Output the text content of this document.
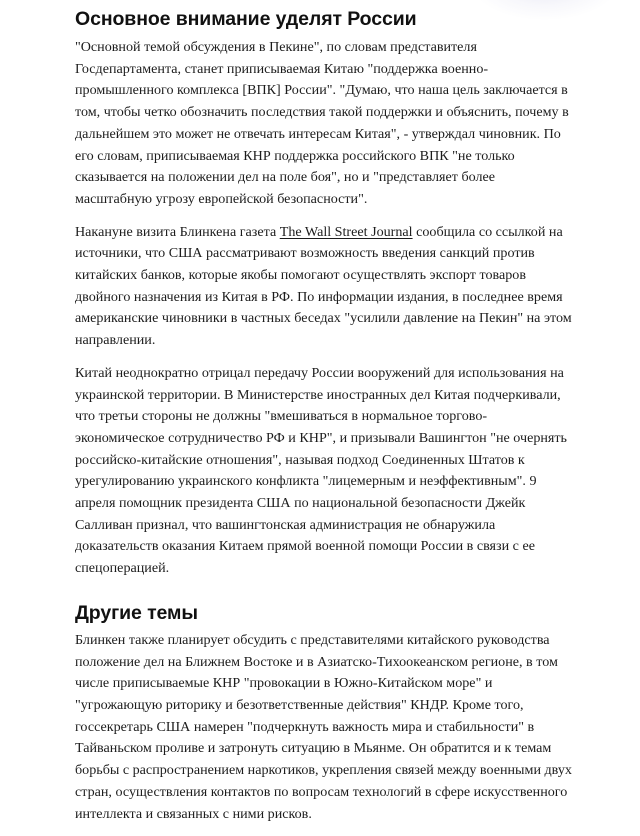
Основное внимание уделят России

"Основной темой обсуждения в Пекине", по словам представителя Госдепартамента, станет приписываемая Китаю "поддержка военно-промышленного комплекса [ВПК] России". "Думаю, что наша цель заключается в том, чтобы четко обозначить последствия такой поддержки и объяснить, почему в дальнейшем это может не отвечать интересам Китая", - утверждал чиновник. По его словам, приписываемая КНР поддержка российского ВПК "не только сказывается на положении дел на поле боя", но и "представляет более масштабную угрозу европейской безопасности".

Накануне визита Блинкена газета The Wall Street Journal сообщила со ссылкой на источники, что США рассматривают возможность введения санкций против китайских банков, которые якобы помогают осуществлять экспорт товаров двойного назначения из Китая в РФ. По информации издания, в последнее время американские чиновники в частных беседах "усилили давление на Пекин" на этом направлении.

Китай неоднократно отрицал передачу России вооружений для использования на украинской территории. В Министерстве иностранных дел Китая подчеркивали, что третьи стороны не должны "вмешиваться в нормальное торгово-экономическое сотрудничество РФ и КНР", и призывали Вашингтон "не очернять российско-китайские отношения", называя подход Соединенных Штатов к урегулированию украинского конфликта "лицемерным и неэффективным". 9 апреля помощник президента США по национальной безопасности Джейк Салливан признал, что вашингтонская администрация не обнаружила доказательств оказания Китаем прямой военной помощи России в связи с ее спецоперацией.

Другие темы

Блинкен также планирует обсудить с представителями китайского руководства положение дел на Ближнем Востоке и в Азиатско-Тихоокеанском регионе, в том числе приписываемые КНР "провокации в Южно-Китайском море" и "угрожающую риторику и безответственные действия" КНДР. Кроме того, госсекретарь США намерен "подчеркнуть важность мира и стабильности" в Тайваньском проливе и затронуть ситуацию в Мьянме. Он обратится и к темам борьбы с распространением наркотиков, укрепления связей между военными двух стран, осуществления контактов по вопросам технологий в сфере искусственного интеллекта и связанных с ними рисков.
